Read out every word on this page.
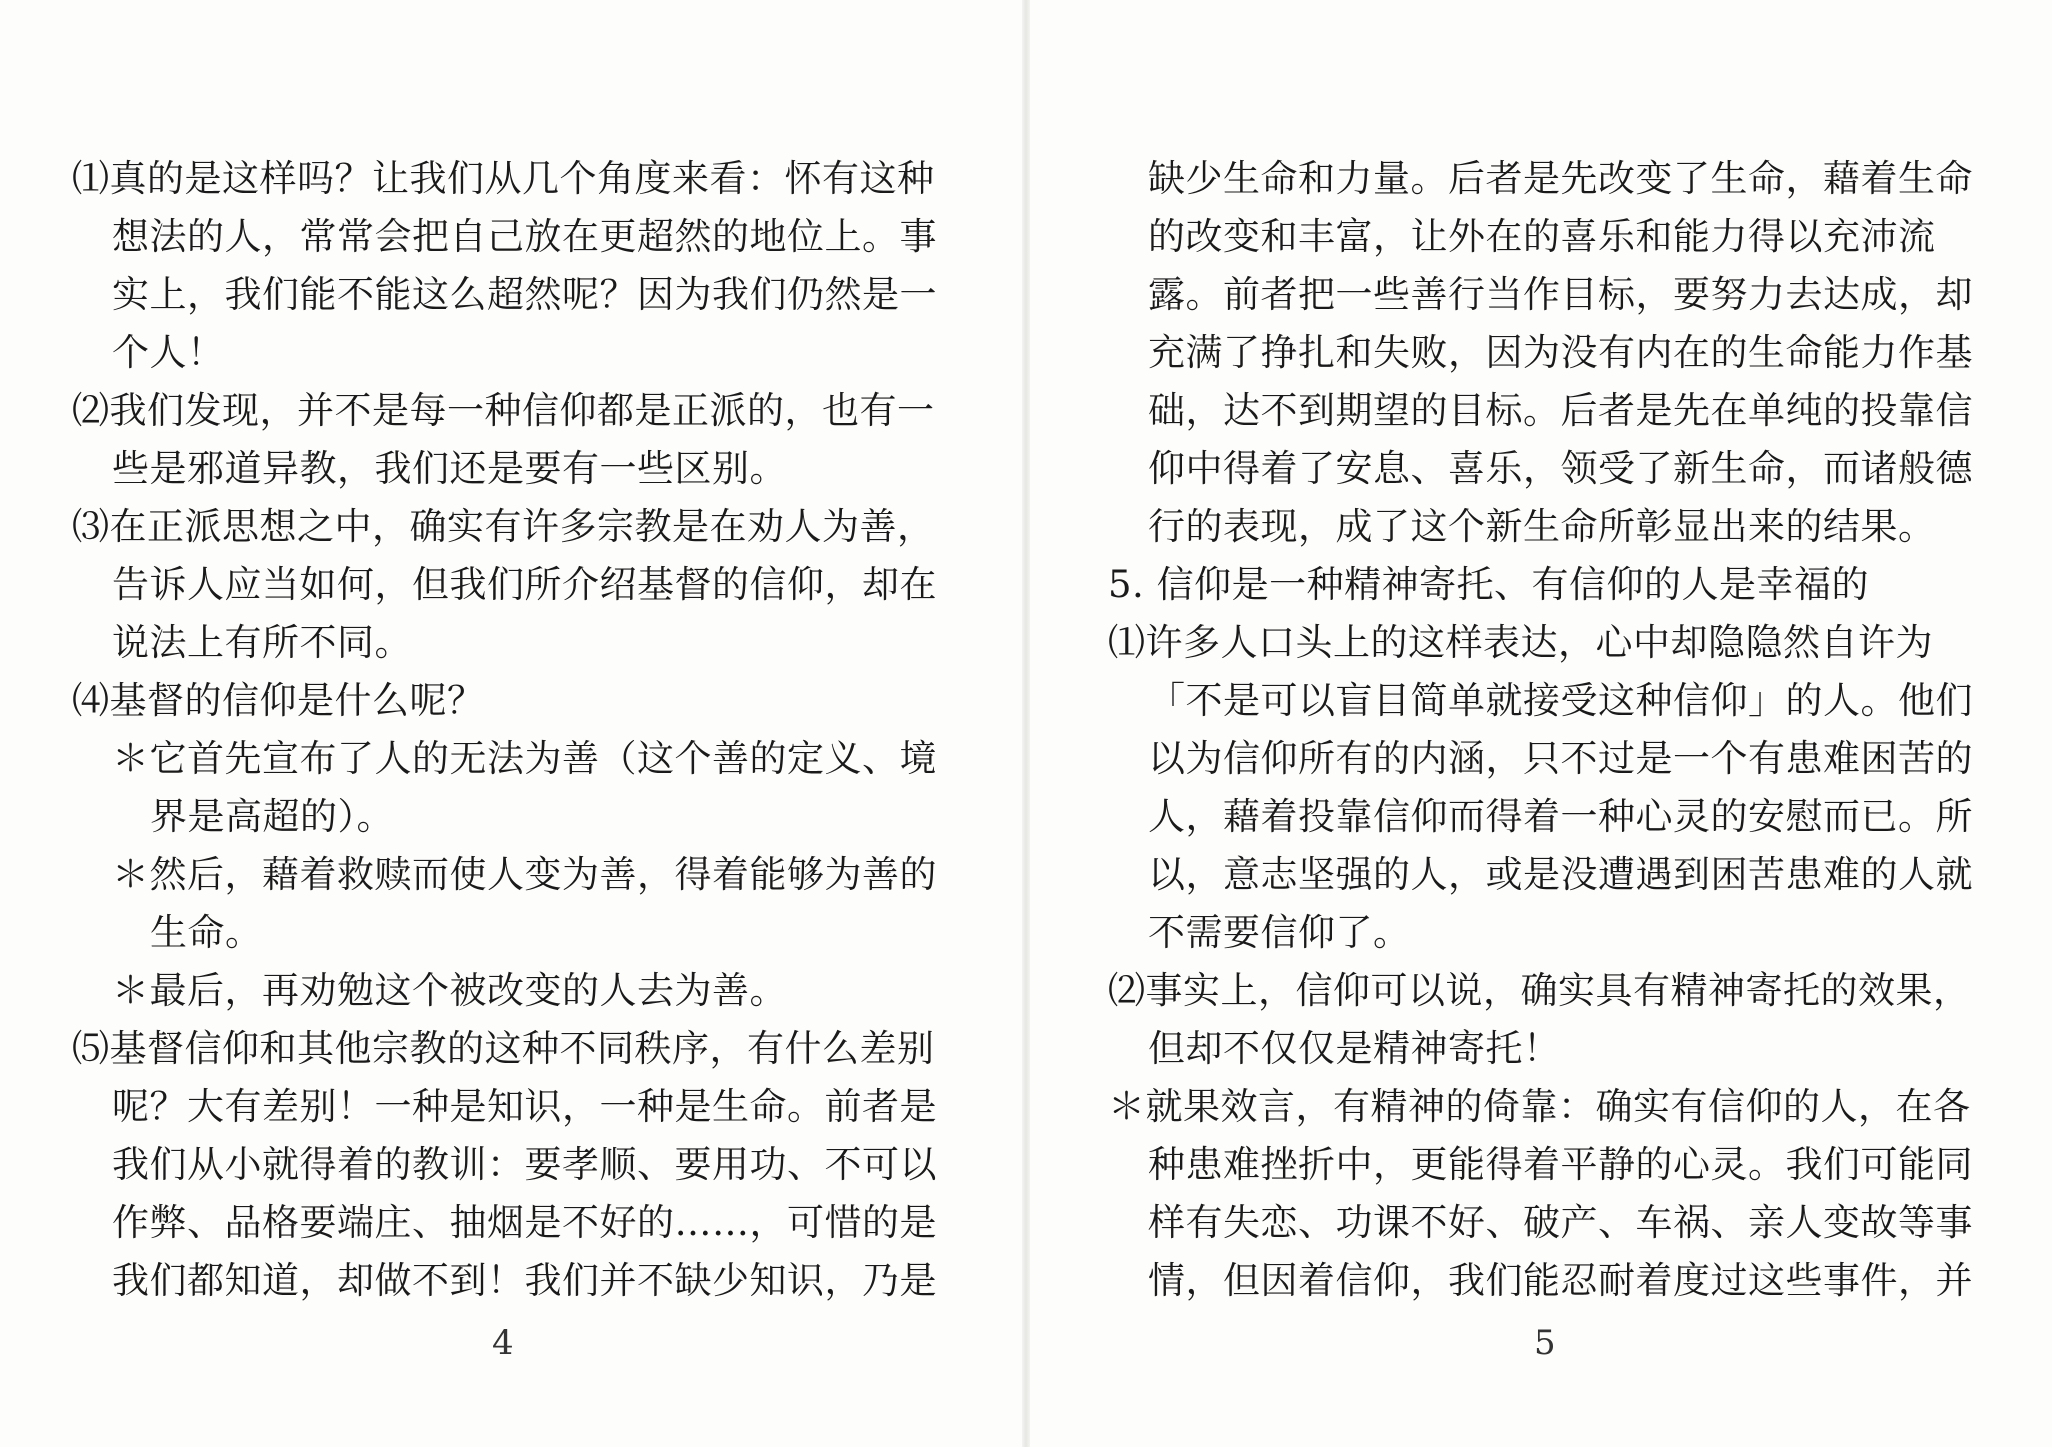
⑴真的是这样吗？让我们从几个角度来看：怀有这种
想法的人，常常会把自己放在更超然的地位上。事
实上，我们能不能这么超然呢？因为我们仍然是一
个人！
⑵我们发现，并不是每一种信仰都是正派的，也有一
些是邪道异教，我们还是要有一些区别。
⑶在正派思想之中，确实有许多宗教是在劝人为善，
告诉人应当如何，但我们所介绍基督的信仰，却在
说法上有所不同。
⑷基督的信仰是什么呢？
＊它首先宣布了人的无法为善（这个善的定义、境
界是高超的）。
＊然后，藉着救赎而使人变为善，得着能够为善的
生命。
＊最后，再劝勉这个被改变的人去为善。
⑸基督信仰和其他宗教的这种不同秩序，有什么差别
呢？大有差别！一种是知识，一种是生命。前者是
我们从小就得着的教训：要孝顺、要用功、不可以
作弊、品格要端庄、抽烟是不好的……，可惜的是
我们都知道，却做不到！我们并不缺少知识，乃是
4
缺少生命和力量。后者是先改变了生命，藉着生命
的改变和丰富，让外在的喜乐和能力得以充沛流
露。前者把一些善行当作目标，要努力去达成，却
充满了挣扎和失败，因为没有内在的生命能力作基
础，达不到期望的目标。后者是先在单纯的投靠信
仰中得着了安息、喜乐，领受了新生命，而诸般德
行的表现，成了这个新生命所彰显出来的结果。
5. 信仰是一种精神寄托、有信仰的人是幸福的
⑴许多人口头上的这样表达，心中却隐隐然自许为
「不是可以盲目简单就接受这种信仰」的人。他们
以为信仰所有的内涵，只不过是一个有患难困苦的
人，藉着投靠信仰而得着一种心灵的安慰而已。所
以，意志坚强的人，或是没遭遇到困苦患难的人就
不需要信仰了。
⑵事实上，信仰可以说，确实具有精神寄托的效果，
但却不仅仅是精神寄托！
＊就果效言，有精神的倚靠：确实有信仰的人，在各
种患难挫折中，更能得着平静的心灵。我们可能同
样有失恋、功课不好、破产、车祸、亲人变故等事
情，但因着信仰，我们能忍耐着度过这些事件，并
5
